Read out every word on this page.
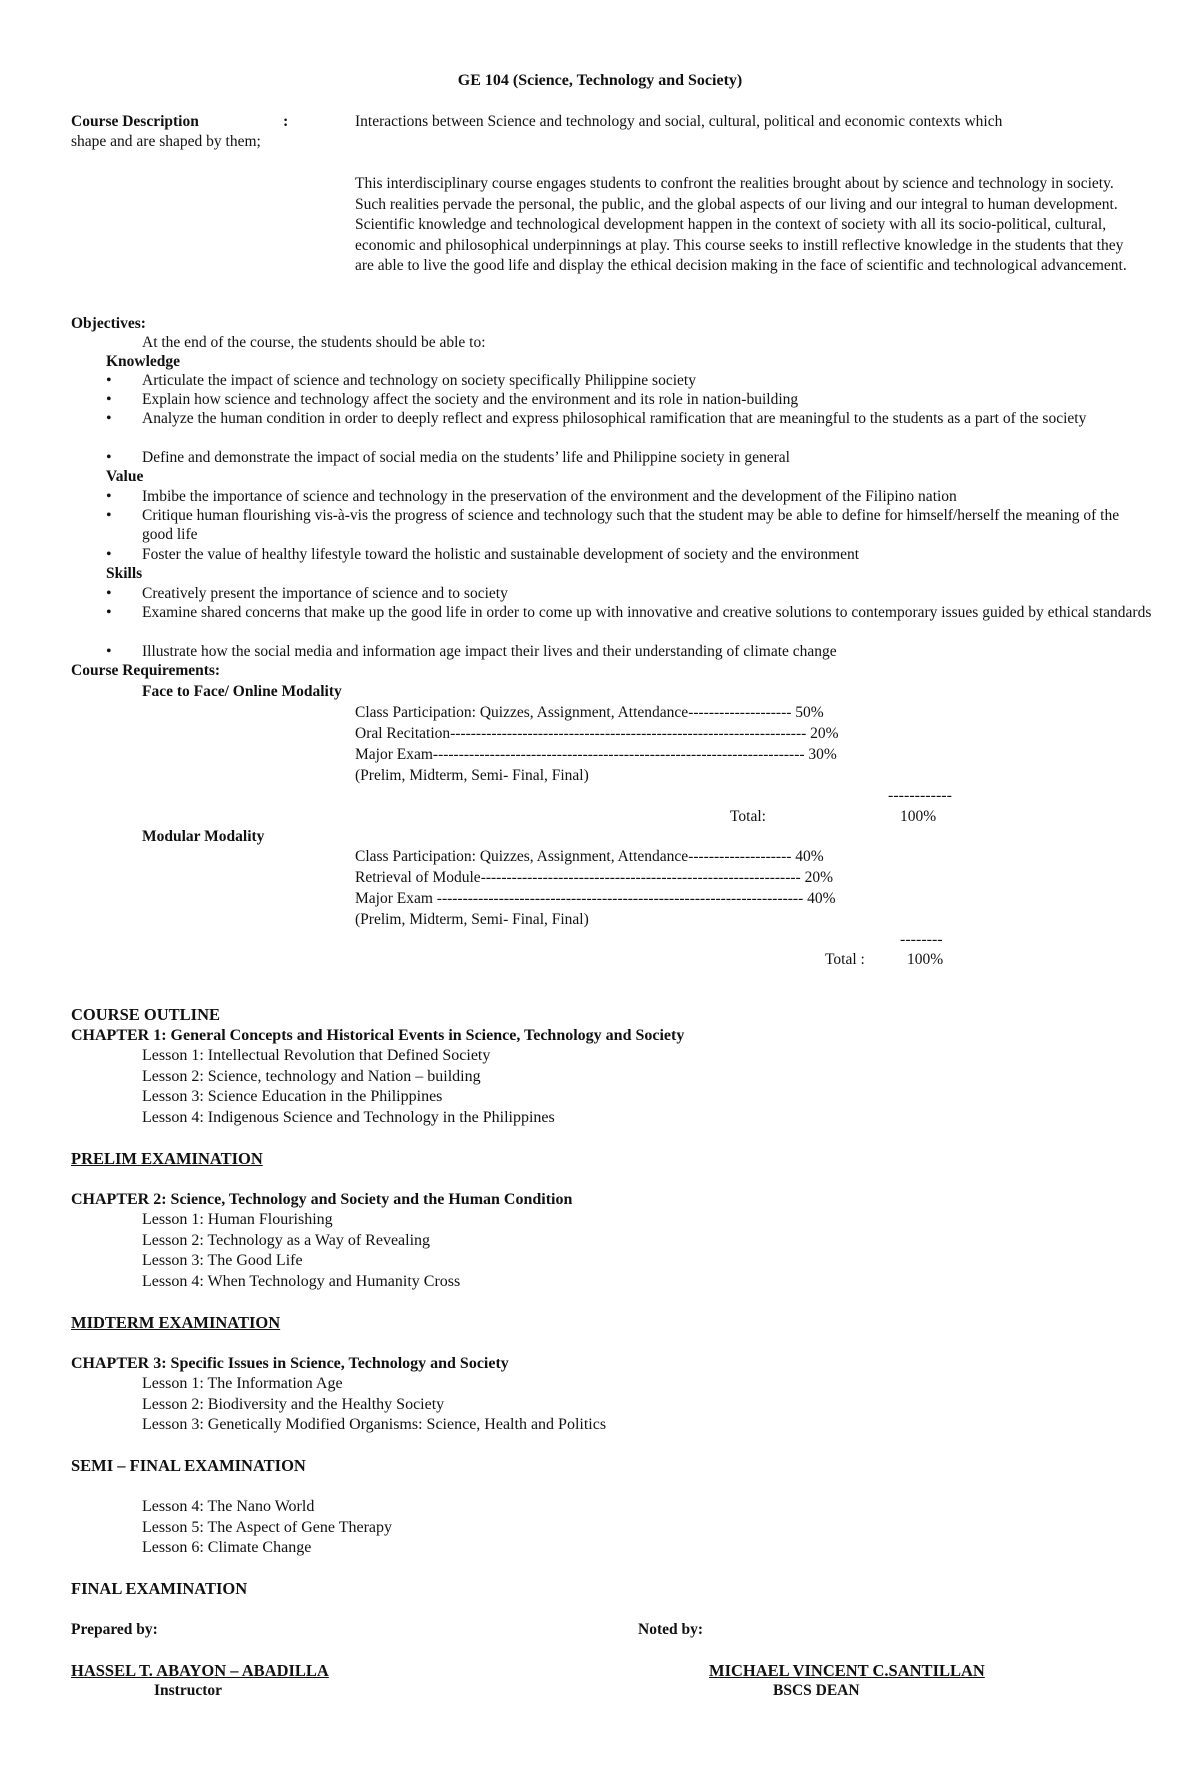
GE 104 (Science, Technology and Society)
Course Description	:	Interactions between Science and technology and social, cultural, political and economic contexts which
shape and are shaped by them;
This interdisciplinary course engages students to confront the realities brought about by science and technology in society. Such realities pervade the personal, the public, and the global aspects of our living and our integral to human development. Scientific knowledge and technological development happen in the context of society with all its socio-political, cultural, economic and philosophical underpinnings at play. This course seeks to instill reflective knowledge in the students that they are able to live the good life and display the ethical decision making in the face of scientific and technological advancement.
Objectives:
At the end of the course, the students should be able to:
Knowledge
• Articulate the impact of science and technology on society specifically Philippine society
• Explain how science and technology affect the society and the environment and its role in nation-building
• Analyze the human condition in order to deeply reflect and express philosophical ramification that are meaningful to the students as a part of the society
• Define and demonstrate the impact of social media on the students’ life and Philippine society in general
Value
• Imbibe the importance of science and technology in the preservation of the environment and the development of the Filipino nation
• Critique human flourishing vis-à-vis the progress of science and technology such that the student may be able to define for himself/herself the meaning of the good life
• Foster the value of healthy lifestyle toward the holistic and sustainable development of society and the environment
Skills
• Creatively present the importance of science and to society
• Examine shared concerns that make up the good life in order to come up with innovative and creative solutions to contemporary issues guided by ethical standards
• Illustrate how the social media and information age impact their lives and their understanding of climate change
Course Requirements:
Face to Face/ Online Modality
Class Participation: Quizzes, Assignment, Attendance-------------------- 50%
Oral Recitation--------------------------------------------------------------------- 20%
Major Exam------------------------------------------------------------------------ 30%
(Prelim, Midterm, Semi- Final, Final)
------------
Total:	100%
Modular Modality
Class Participation: Quizzes, Assignment, Attendance-------------------- 40%
Retrieval of Module-------------------------------------------------------------- 20%
Major Exam ----------------------------------------------------------------------- 40%
(Prelim, Midterm, Semi- Final, Final)
--------
Total :	100%
COURSE OUTLINE
CHAPTER 1: General Concepts and Historical Events in Science, Technology and Society
Lesson 1: Intellectual Revolution that Defined Society
Lesson 2: Science, technology and Nation – building
Lesson 3: Science Education in the Philippines
Lesson 4: Indigenous Science and Technology in the Philippines
PRELIM EXAMINATION
CHAPTER 2: Science, Technology and Society and the Human Condition
Lesson 1: Human Flourishing
Lesson 2: Technology as a Way of Revealing
Lesson 3: The Good Life
Lesson 4: When Technology and Humanity Cross
MIDTERM EXAMINATION
CHAPTER 3: Specific Issues in Science, Technology and Society
Lesson 1: The Information Age
Lesson 2: Biodiversity and the Healthy Society
Lesson 3: Genetically Modified Organisms: Science, Health and Politics
SEMI – FINAL EXAMINATION
Lesson 4: The Nano World
Lesson 5: The Aspect of Gene Therapy
Lesson 6: Climate Change
FINAL EXAMINATION
Prepared by:	Noted by:
HASSEL T. ABAYON – ABADILLA
Instructor
MICHAEL VINCENT C.SANTILLAN
BSCS DEAN
